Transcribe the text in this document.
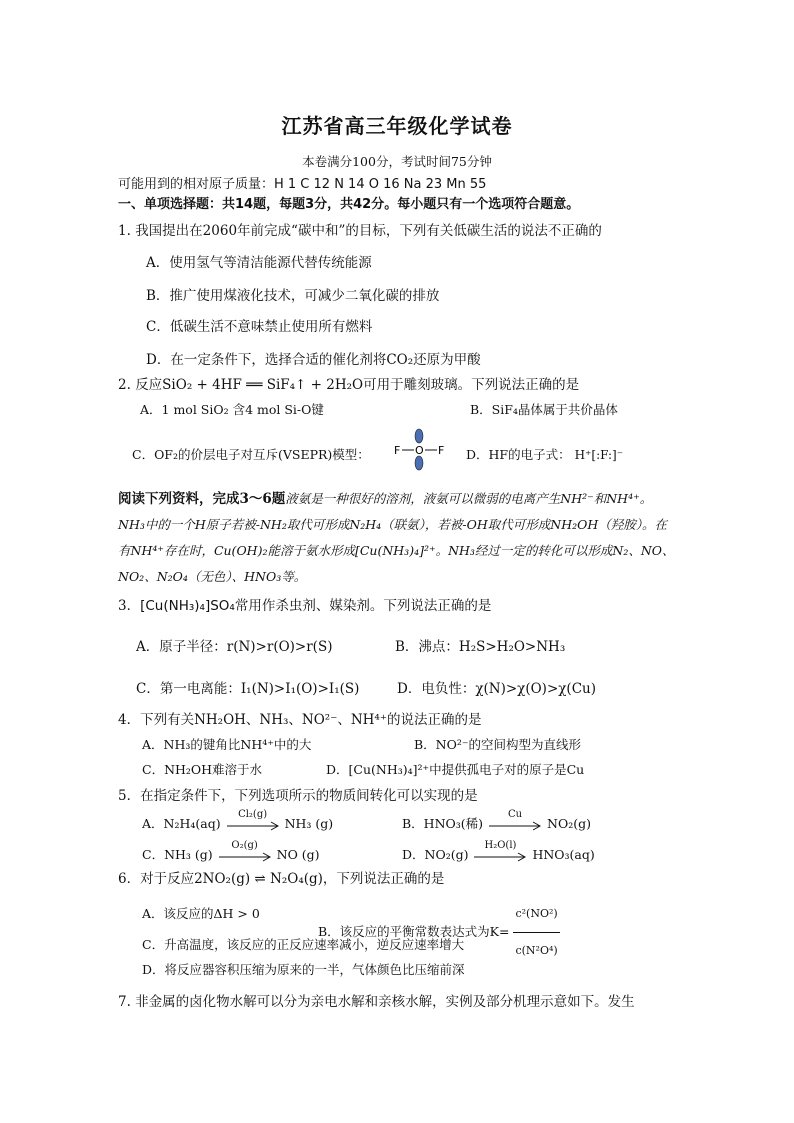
江苏省高三年级化学试卷
本卷满分100分，考试时间75分钟
可能用到的相对原子质量：H 1 C 12 N 14 O 16 Na 23 Mn 55
一、单项选择题：共14题，每题3分，共42分。每小题只有一个选项符合题意。
1. 我国提出在2060年前完成“碳中和”的目标，下列有关低碳生活的说法不正确的
A．使用氢气等清洁能源代替传统能源
B．推广使用煤液化技术，可减少二氧化碳的排放
C．低碳生活不意味禁止使用所有燃料
D．在一定条件下，选择合适的催化剂将CO₂还原为甲酸
2. 反应SiO₂ + 4HF ══ SiF₄↑ + 2H₂O可用于雕刻玻璃。下列说法正确的是
A．1 mol SiO₂ 含4 mol Si-O键	B．SiF₄晶体属于共价晶体
C．OF₂的价层电子对互斥(VSEPR)模型： F O F D．HF的电子式： H⁺[:F:]⁻
阅读下列资料，完成3～6题液氨是一种很好的溶剂，液氨可以微弱的电离产生NH²⁻和NH⁴⁺。NH₃中的一个H原子若被-NH₂取代可形成N₂H₄（联氨），若被-OH取代可形成NH₂OH（羟胺）。在有NH⁴⁺存在时，Cu(OH)₂能溶于氨水形成[Cu(NH₃)₄]²⁺。NH₃经过一定的转化可以形成N₂、NO、NO₂、N₂O₄（无色）、HNO₃等。
3．[Cu(NH₃)₄]SO₄常用作杀虫剂、媒染剂。下列说法正确的是
A．原子半径：r(N)>r(O)>r(S)	B．沸点：H₂S>H₂O>NH₃
C．第一电离能：I₁(N)>I₁(O)>I₁(S)	D．电负性：χ(N)>χ(O)>χ(Cu)
4．下列有关NH₂OH、NH₃、NO²⁻、NH⁴⁺的说法正确的是
A．NH₃的键角比NH⁴⁺中的大	B．NO²⁻的空间构型为直线形
C．NH₂OH难溶于水	D．[Cu(NH₃)₄]²⁺中提供孤电子对的原子是Cu
5．在指定条件下，下列选项所示的物质间转化可以实现的是
A．N₂H₄(aq)
Cl₂(g)
NH₃ (g)	B．HNO₃(稀)
Cu
NO₂(g)
C．NH₃ (g)
O₂(g)
NO (g)	D．NO₂(g)
H₂O(l)
HNO₃(aq)
6．对于反应2NO₂(g) ⇌ N₂O₄(g)，下列说法正确的是
A．该反应的ΔH > 0
B．该反应的平衡常数表达式为$K= \frac{\text{c²(NO²)}}{\text{c(N²O⁴)}}$
C．升高温度，该反应的正反应速率减小，逆反应速率增大
D．将反应器容积压缩为原来的一半，气体颜色比压缩前深
7. 非金属的卤化物水解可以分为亲电水解和亲核水解，实例及部分机理示意如下。发生
